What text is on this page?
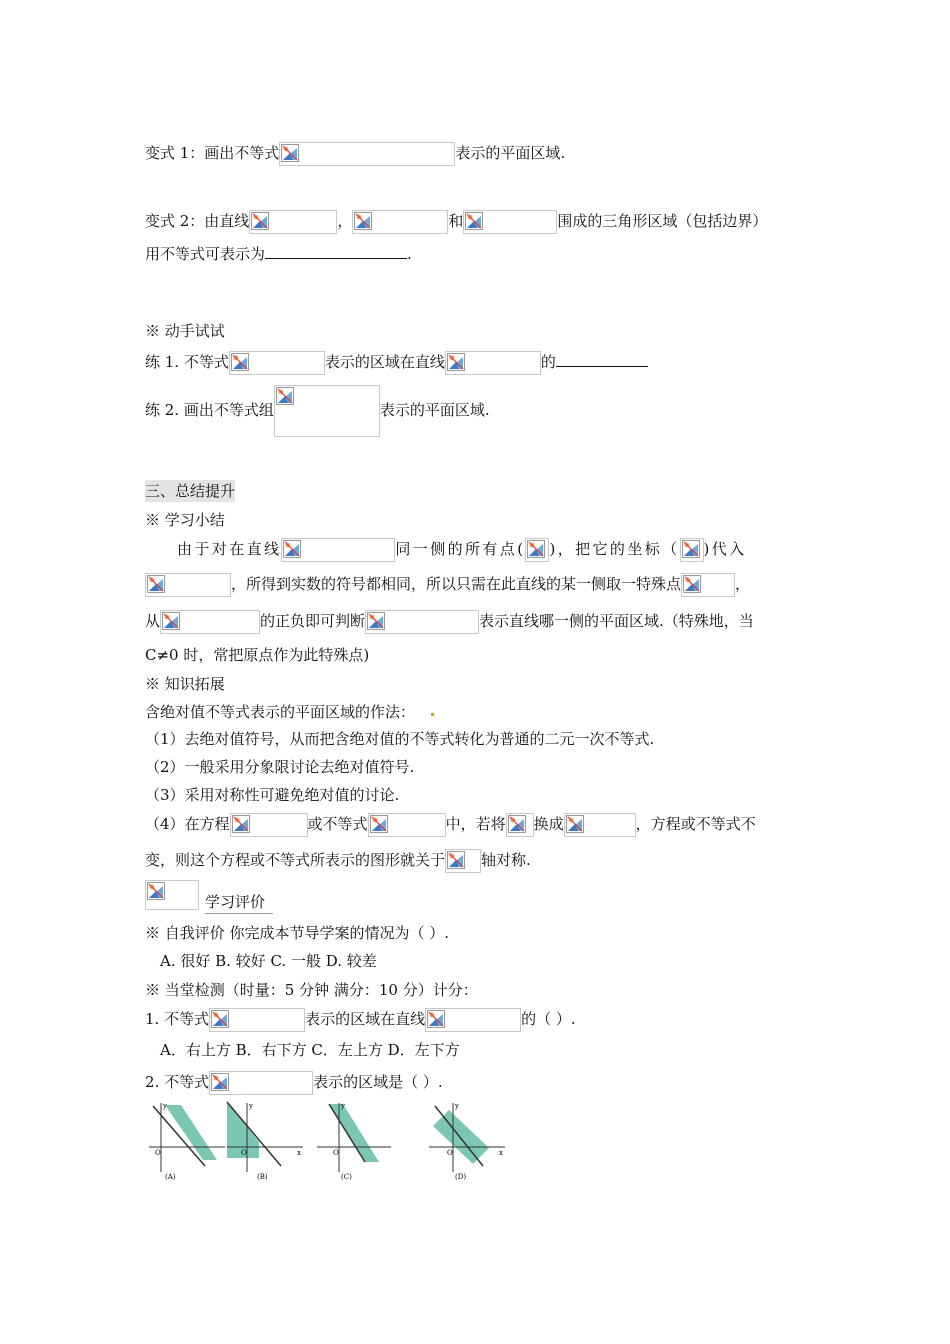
变式 1：画出不等式	表示的平面区域.
变式 2：由直线	，	和	围成的三角形区域（包括边界）
用不等式可表示为	.
※ 动手试试
练 1. 不等式	表示的区域在直线	的
练 2. 画出不等式组	表示的平面区域.
三、总结提升
※ 学习小结
由于对在直线	同一侧的所有点( )，把它的坐标（ )代入
，所得到实数的符号都相同，所以只需在此直线的某一侧取一特殊点	，
从	的正负即可判断	表示直线哪一侧的平面区域.（特殊地，当
C≠0 时，常把原点作为此特殊点)
※ 知识拓展
含绝对值不等式表示的平面区域的作法：
（1）去绝对值符号，从而把含绝对值的不等式转化为普通的二元一次不等式.
（2）一般采用分象限讨论去绝对值符号.
（3）采用对称性可避免绝对值的讨论.
（4）在方程	或不等式	中，若将 换成	，方程或不等式不
变，则这个方程或不等式所表示的图形就关于 轴对称.
学习评价
※ 自我评价 你完成本节导学案的情况为（ ）.
A. 很好 B. 较好 C. 一般 D. 较差
※ 当堂检测（时量：5 分钟 满分：10 分）计分：
1. 不等式	表示的区域在直线	的（ ）.
A．右上方 B．右下方 C．左上方 D．左下方
2. 不等式	表示的区域是（ ）.
O
y
(A)
O
y
x
(B)
O
y
(C)
O
y
x
(D)
